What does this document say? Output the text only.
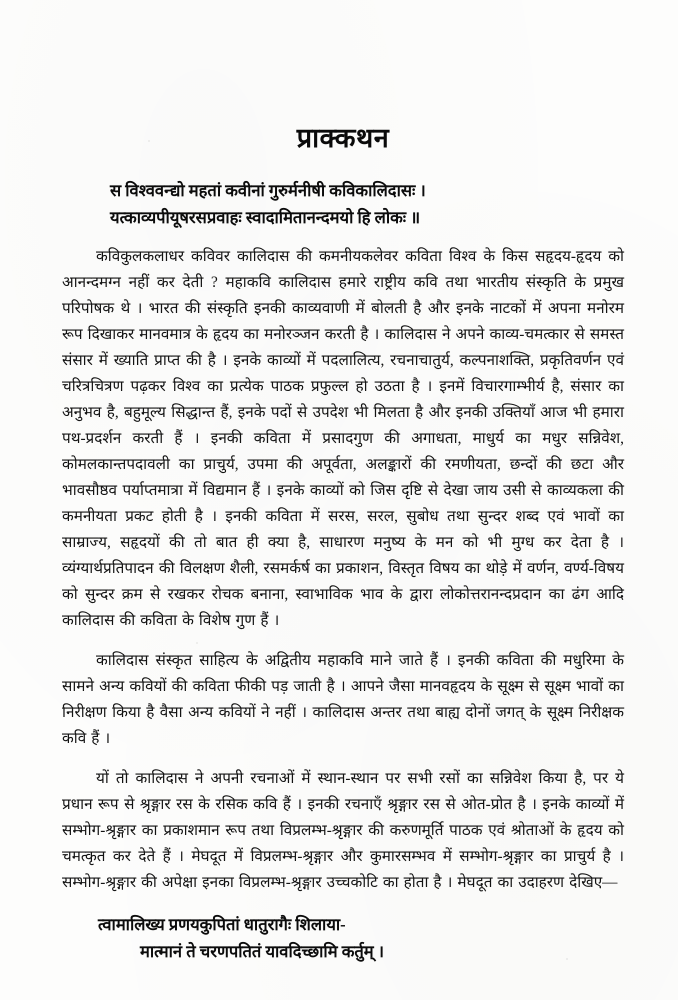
प्राक्कथन
स विश्ववन्द्यो महतां कवीनां गुरुर्मनीषी कविकालिदासः ।
यत्काव्यपीयूषरसप्रवाहः स्वादामितानन्दमयो हि लोकः ॥

कविकुलकलाधर कविवर कालिदास की कमनीयकलेवर कविता विश्व के किस सहृदय-हृदय को आनन्दमग्न नहीं कर देती ? महाकवि कालिदास हमारे राष्ट्रीय कवि तथा भारतीय संस्कृति के प्रमुख परिपोषक थे । भारत की संस्कृति इनकी काव्यवाणी में बोलती है और इनके नाटकों में अपना मनोरम रूप दिखाकर मानवमात्र के हृदय का मनोरञ्जन करती है । कालिदास ने अपने काव्य-चमत्कार से समस्त संसार में ख्याति प्राप्त की है । इनके काव्यों में पदलालित्य, रचनाचातुर्य, कल्पनाशक्ति, प्रकृतिवर्णन एवं चरित्रचित्रण पढ़कर विश्व का प्रत्येक पाठक प्रफुल्ल हो उठता है । इनमें विचारगाम्भीर्य है, संसार का अनुभव है, बहुमूल्य सिद्धान्त हैं, इनके पदों से उपदेश भी मिलता है और इनकी उक्तियाँ आज भी हमारा पथ-प्रदर्शन करती हैं । इनकी कविता में प्रसादगुण की अगाधता, माधुर्य का मधुर सन्निवेश, कोमलकान्तपदावली का प्राचुर्य, उपमा की अपूर्वता, अलङ्कारों की रमणीयता, छन्दों की छटा और भावसौष्ठव पर्याप्तमात्रा में विद्यमान हैं । इनके काव्यों को जिस दृष्टि से देखा जाय उसी से काव्यकला की कमनीयता प्रकट होती है । इनकी कविता में सरस, सरल, सुबोध तथा सुन्दर शब्द एवं भावों का साम्राज्य, सहृदयों की तो बात ही क्या है, साधारण मनुष्य के मन को भी मुग्ध कर देता है । व्यंग्यार्थप्रतिपादन की विलक्षण शैली, रसमर्कर्ष का प्रकाशन, विस्तृत विषय का थोड़े में वर्णन, वर्ण्य-विषय को सुन्दर क्रम से रखकर रोचक बनाना, स्वाभाविक भाव के द्वारा लोकोत्तरानन्दप्रदान का ढंग आदि कालिदास की कविता के विशेष गुण हैं ।

कालिदास संस्कृत साहित्य के अद्वितीय महाकवि माने जाते हैं । इनकी कविता की मधुरिमा के सामने अन्य कवियों की कविता फीकी पड़ जाती है । आपने जैसा मानवहृदय के सूक्ष्म से सूक्ष्म भावों का निरीक्षण किया है वैसा अन्य कवियों ने नहीं । कालिदास अन्तर तथा बाह्य दोनों जगत् के सूक्ष्म निरीक्षक कवि हैं ।

यों तो कालिदास ने अपनी रचनाओं में स्थान-स्थान पर सभी रसों का सन्निवेश किया है, पर ये प्रधान रूप से श्रृङ्गार रस के रसिक कवि हैं । इनकी रचनाएँ श्रृङ्गार रस से ओत-प्रोत है । इनके काव्यों में सम्भोग-श्रृङ्गार का प्रकाशमान रूप तथा विप्रलम्भ-श्रृङ्गार की करुणमूर्ति पाठक एवं श्रोताओं के हृदय को चमत्कृत कर देते हैं । मेघदूत में विप्रलम्भ-श्रृङ्गार और कुमारसम्भव में सम्भोग-श्रृङ्गार का प्राचुर्य है । सम्भोग-श्रृङ्गार की अपेक्षा इनका विप्रलम्भ-श्रृङ्गार उच्चकोटि का होता है । मेघदूत का उदाहरण देखिए—

त्वामालिख्य प्रणयकुपितां धातुरागैः शिलाया-
मात्मानं ते चरणपतितं यावदिच्छामि कर्तुम् ।
